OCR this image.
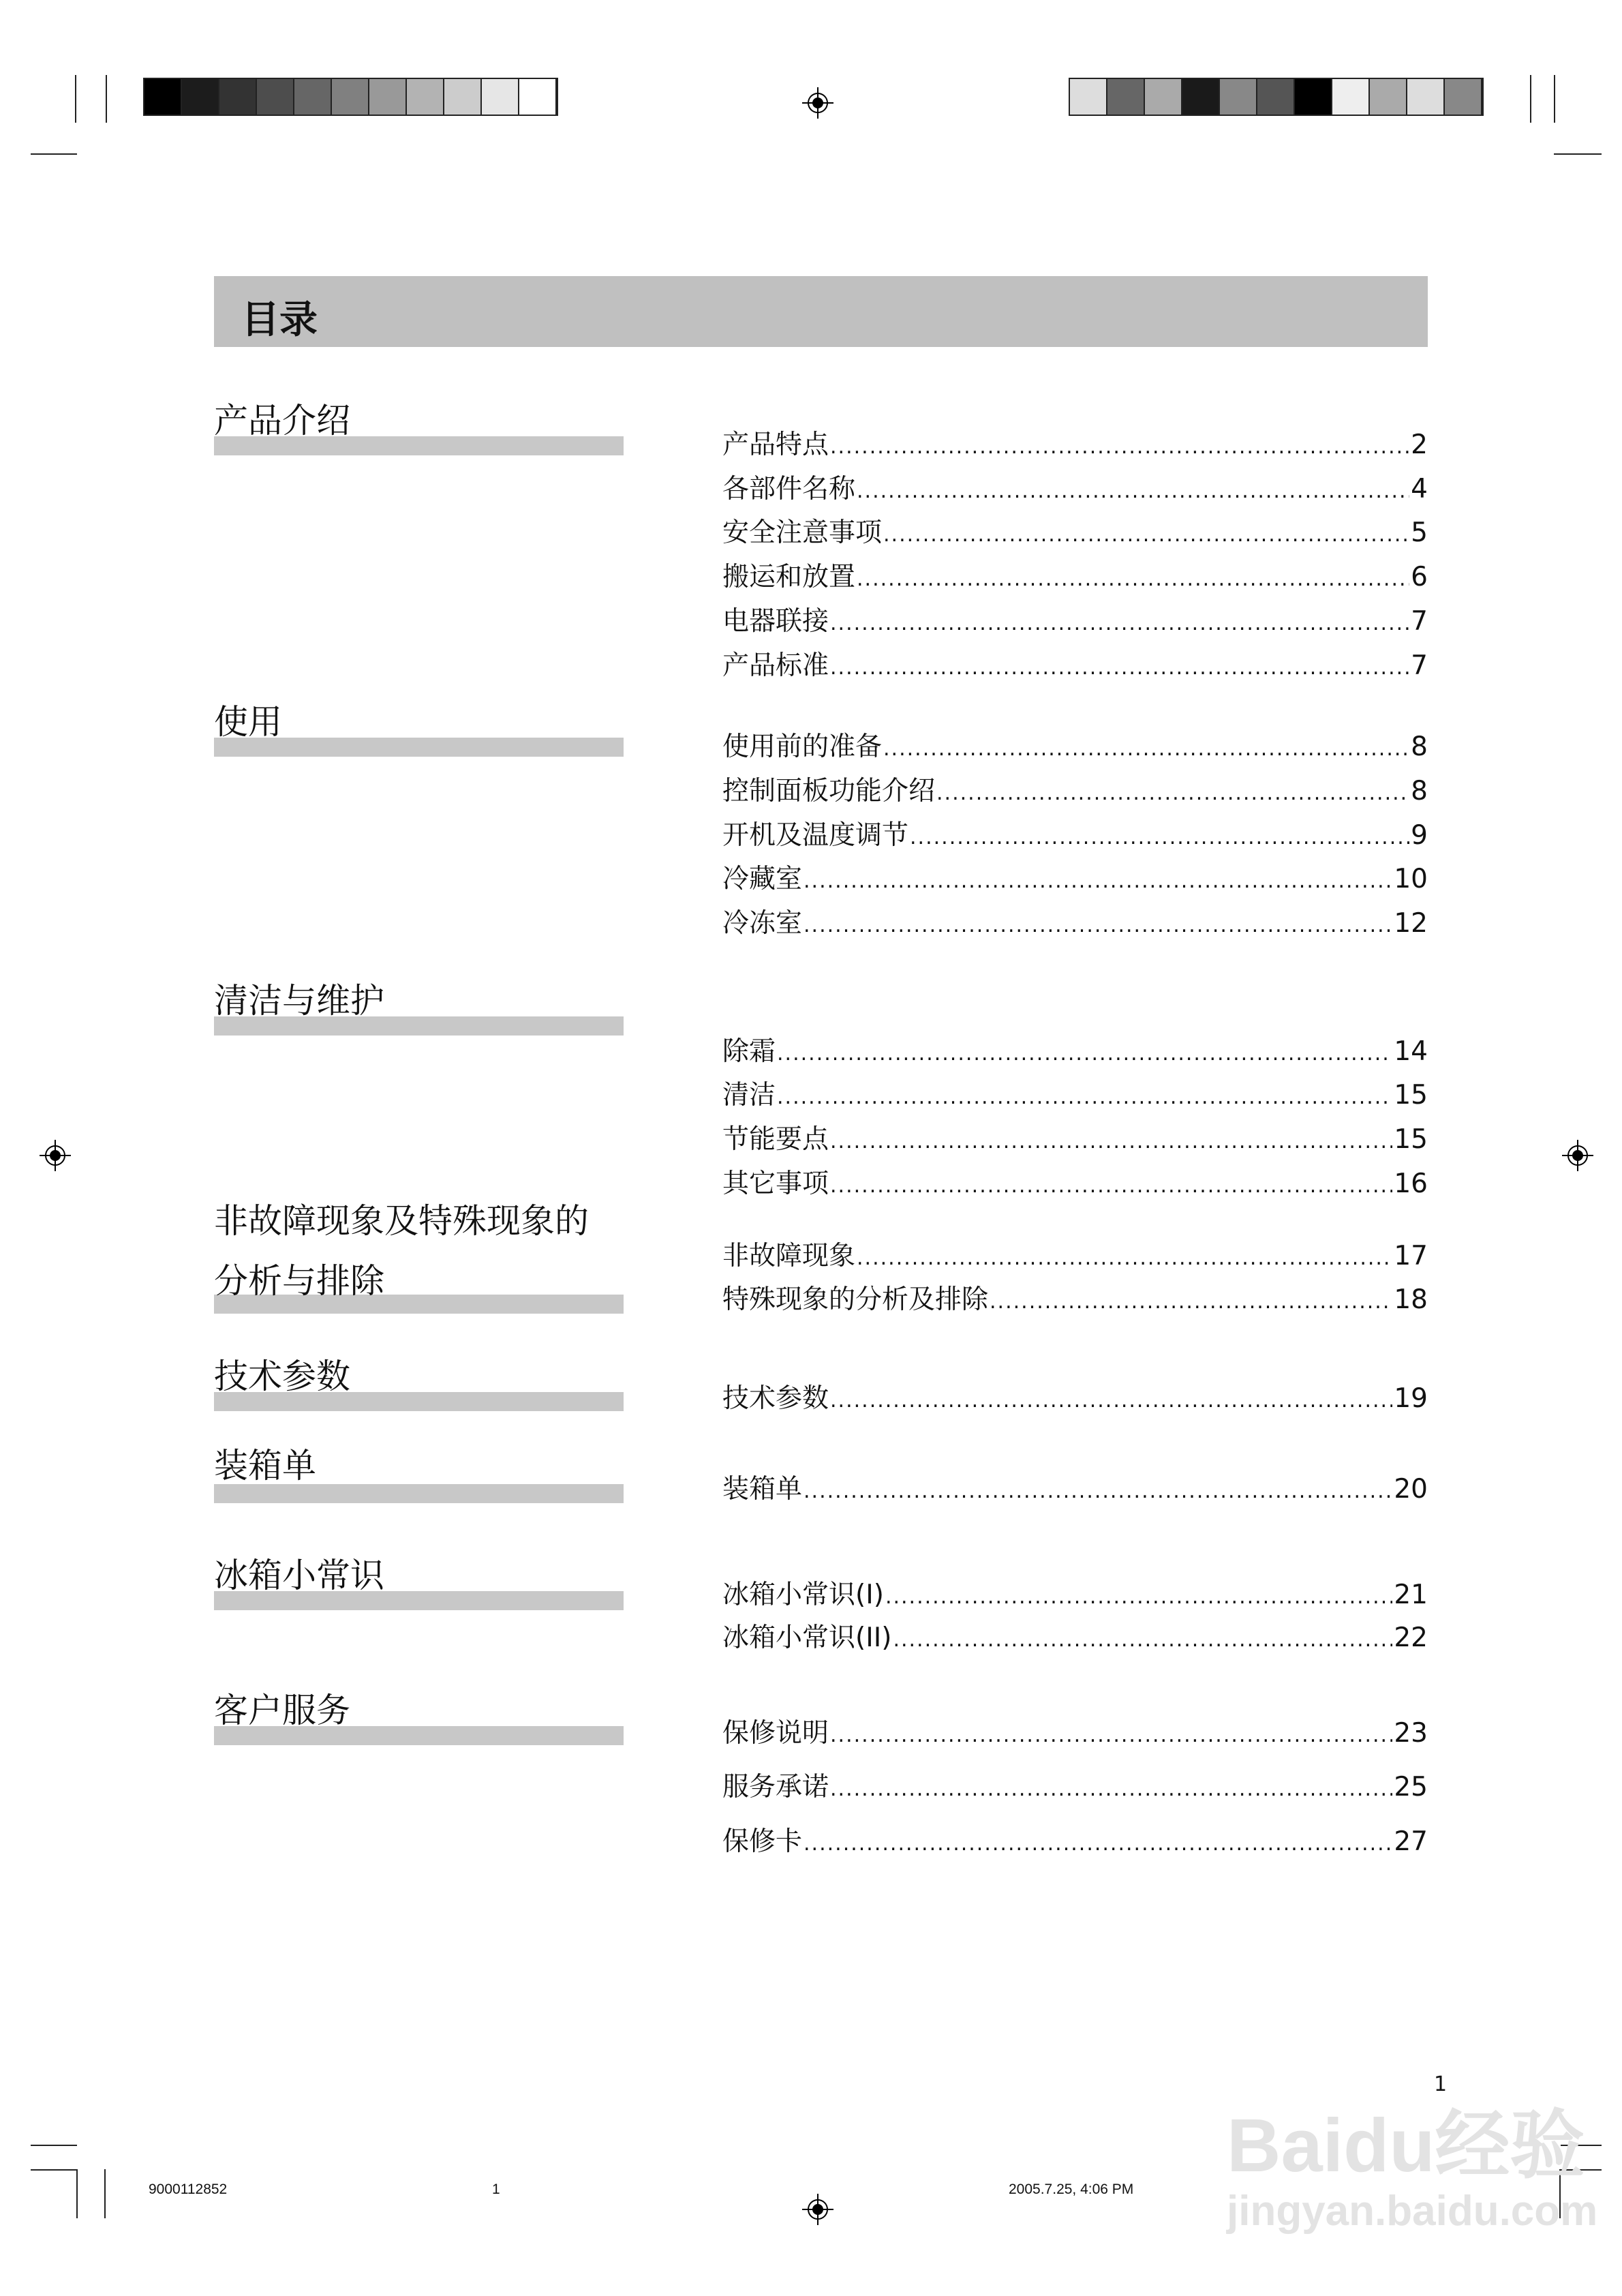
目录
产品介绍
使用
清洁与维护
非故障现象及特殊现象的
分析与排除
技术参数
装箱单
冰箱小常识
客户服务
产品特点 .....	2
各部件名称 .....	4
安全注意事项 .....	5
搬运和放置 .....	6
电器联接 .....	7
产品标准 .....	7
使用前的准备 .....	8
控制面板功能介绍 .....	8
开机及温度调节 .....	9
冷藏室 .....	10
冷冻室 .....	12
除霜 .....	14
清洁 .....	15
节能要点 .....	15
其它事项 .....	16
非故障现象 .....	17
特殊现象的分析及排除 .....	18
技术参数 .....	19
装箱单 .....	20
冰箱小常识(I) .....	21
冰箱小常识(II) .....	22
保修说明 .....	23
服务承诺 .....	25
保修卡 .....	27
1
9000112852	1	2005.7.25, 4:06 PM
Baidu经验
jingyan.baidu.com
